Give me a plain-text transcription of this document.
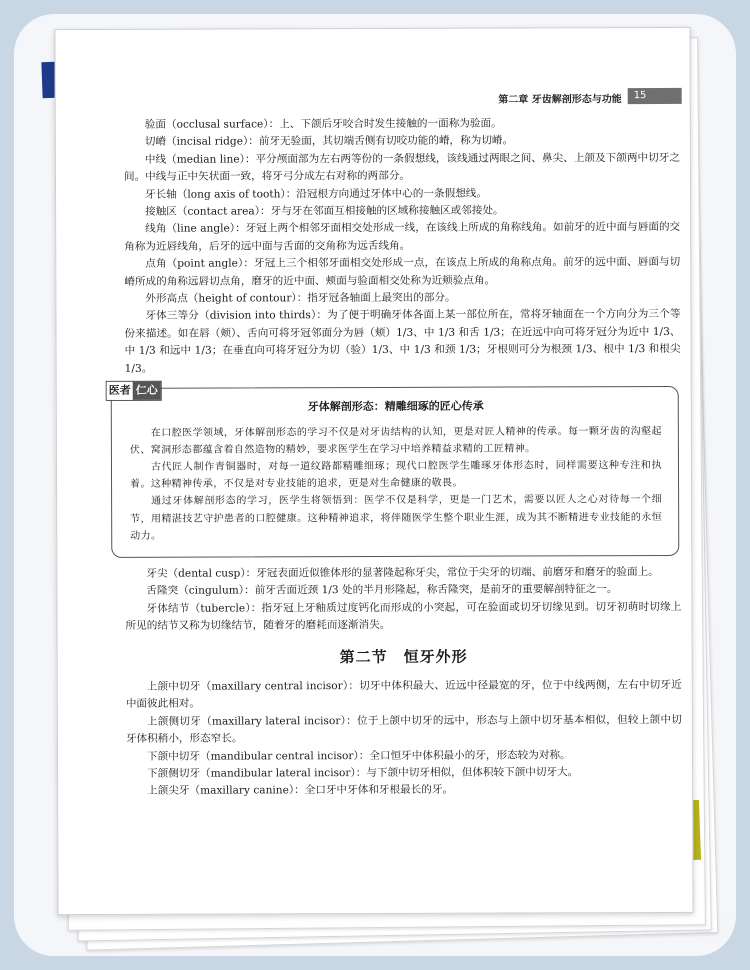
第二章 牙齿解剖形态与功能	15

验面（occlusal surface）：上、下颌后牙咬合时发生接触的一面称为验面。

切嵴（incisal ridge）：前牙无验面，其切端舌侧有切咬功能的嵴，称为切嵴。

中线（median line）：平分颅面部为左右两等份的一条假想线，该线通过两眼之间、鼻尖、上颌及下颌两中切牙之间。中线与正中矢状面一致，将牙弓分成左右对称的两部分。

牙长轴（long axis of tooth）：沿冠根方向通过牙体中心的一条假想线。

接触区（contact area）：牙与牙在邻面互相接触的区域称接触区或邻接处。

线角（line angle）：牙冠上两个相邻牙面相交处形成一线，在该线上所成的角称线角。如前牙的近中面与唇面的交角称为近唇线角，后牙的远中面与舌面的交角称为远舌线角。

点角（point angle）：牙冠上三个相邻牙面相交处形成一点，在该点上所成的角称点角。前牙的远中面、唇面与切嵴所成的角称远唇切点角，磨牙的近中面、颊面与验面相交处称为近颊验点角。

外形高点（height of contour）：指牙冠各轴面上最突出的部分。

牙体三等分（division into thirds）：为了便于明确牙体各面上某一部位所在，常将牙轴面在一个方向分为三个等份来描述。如在唇（颊）、舌向可将牙冠邻面分为唇（颊）1/3、中 1/3 和舌 1/3；在近远中向可将牙冠分为近中 1/3、中 1/3 和远中 1/3；在垂直向可将牙冠分为切（验）1/3、中 1/3 和颈 1/3；牙根则可分为根颈 1/3、根中 1/3 和根尖 1/3。

医者 仁心
牙体解剖形态：精雕细琢的匠心传承

在口腔医学领域，牙体解剖形态的学习不仅是对牙齿结构的认知，更是对匠人精神的传承。每一颗牙齿的沟壑起伏、窝洞形态都蕴含着自然造物的精妙，要求医学生在学习中培养精益求精的工匠精神。

古代匠人制作青铜器时，对每一道纹路都精雕细琢；现代口腔医学生雕琢牙体形态时，同样需要这种专注和执着。这种精神传承，不仅是对专业技能的追求，更是对生命健康的敬畏。

通过牙体解剖形态的学习，医学生将领悟到：医学不仅是科学，更是一门艺术，需要以匠人之心对待每一个细节，用精湛技艺守护患者的口腔健康。这种精神追求，将伴随医学生整个职业生涯，成为其不断精进专业技能的永恒动力。

牙尖（dental cusp）：牙冠表面近似锥体形的显著隆起称牙尖，常位于尖牙的切端、前磨牙和磨牙的验面上。

舌隆突（cingulum）：前牙舌面近颈 1/3 处的半月形隆起，称舌隆突，是前牙的重要解剖特征之一。

牙体结节（tubercle）：指牙冠上牙釉质过度钙化而形成的小突起，可在验面或切牙切缘见到。切牙初萌时切缘上所见的结节又称为切缘结节，随着牙的磨耗而逐渐消失。

第二节　恒牙外形

上颌中切牙（maxillary central incisor）：切牙中体积最大、近远中径最宽的牙，位于中线两侧，左右中切牙近中面彼此相对。

上颌侧切牙（maxillary lateral incisor）：位于上颌中切牙的远中，形态与上颌中切牙基本相似，但较上颌中切牙体积稍小，形态窄长。

下颌中切牙（mandibular central incisor）：全口恒牙中体积最小的牙，形态较为对称。

下颌侧切牙（mandibular lateral incisor）：与下颌中切牙相似，但体积较下颌中切牙大。

上颌尖牙（maxillary canine）：全口牙中牙体和牙根最长的牙。
